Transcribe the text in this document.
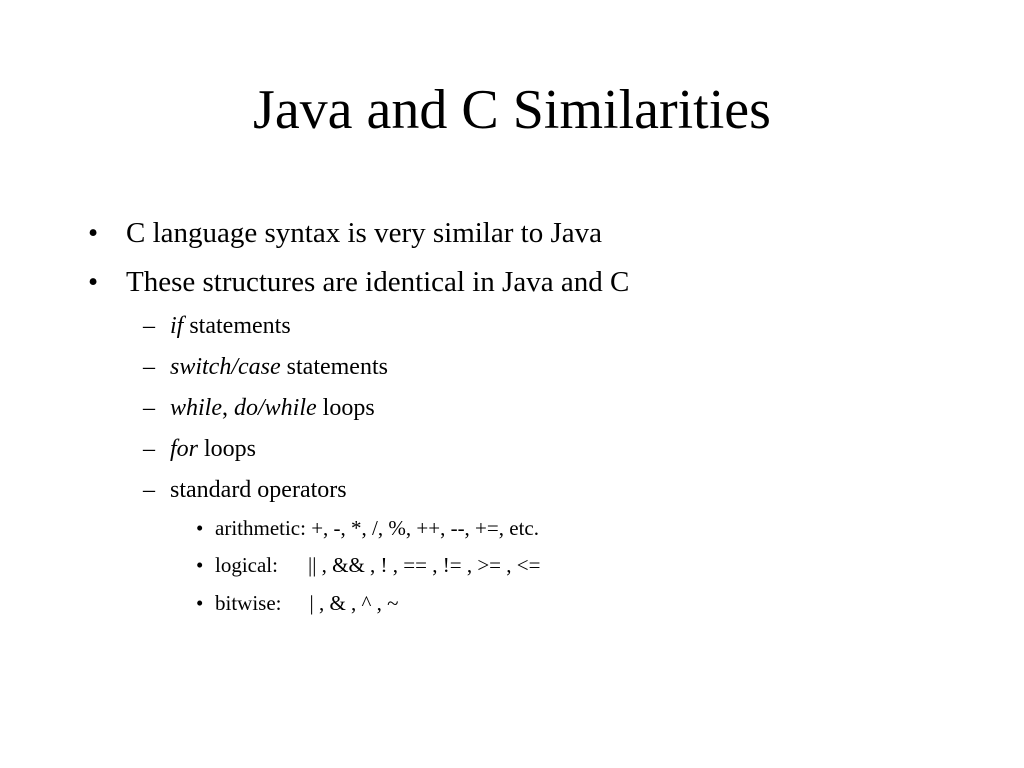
Java and C Similarities
• C language syntax is very similar to Java
• These structures are identical in Java and C
– if statements
– switch/case statements
– while, do/while loops
– for loops
– standard operators
• arithmetic: +, -, *, /, %, ++, --, +=, etc.
• logical: || , && , ! , == , != , >= , <=
• bitwise: | , & , ^ , ~
